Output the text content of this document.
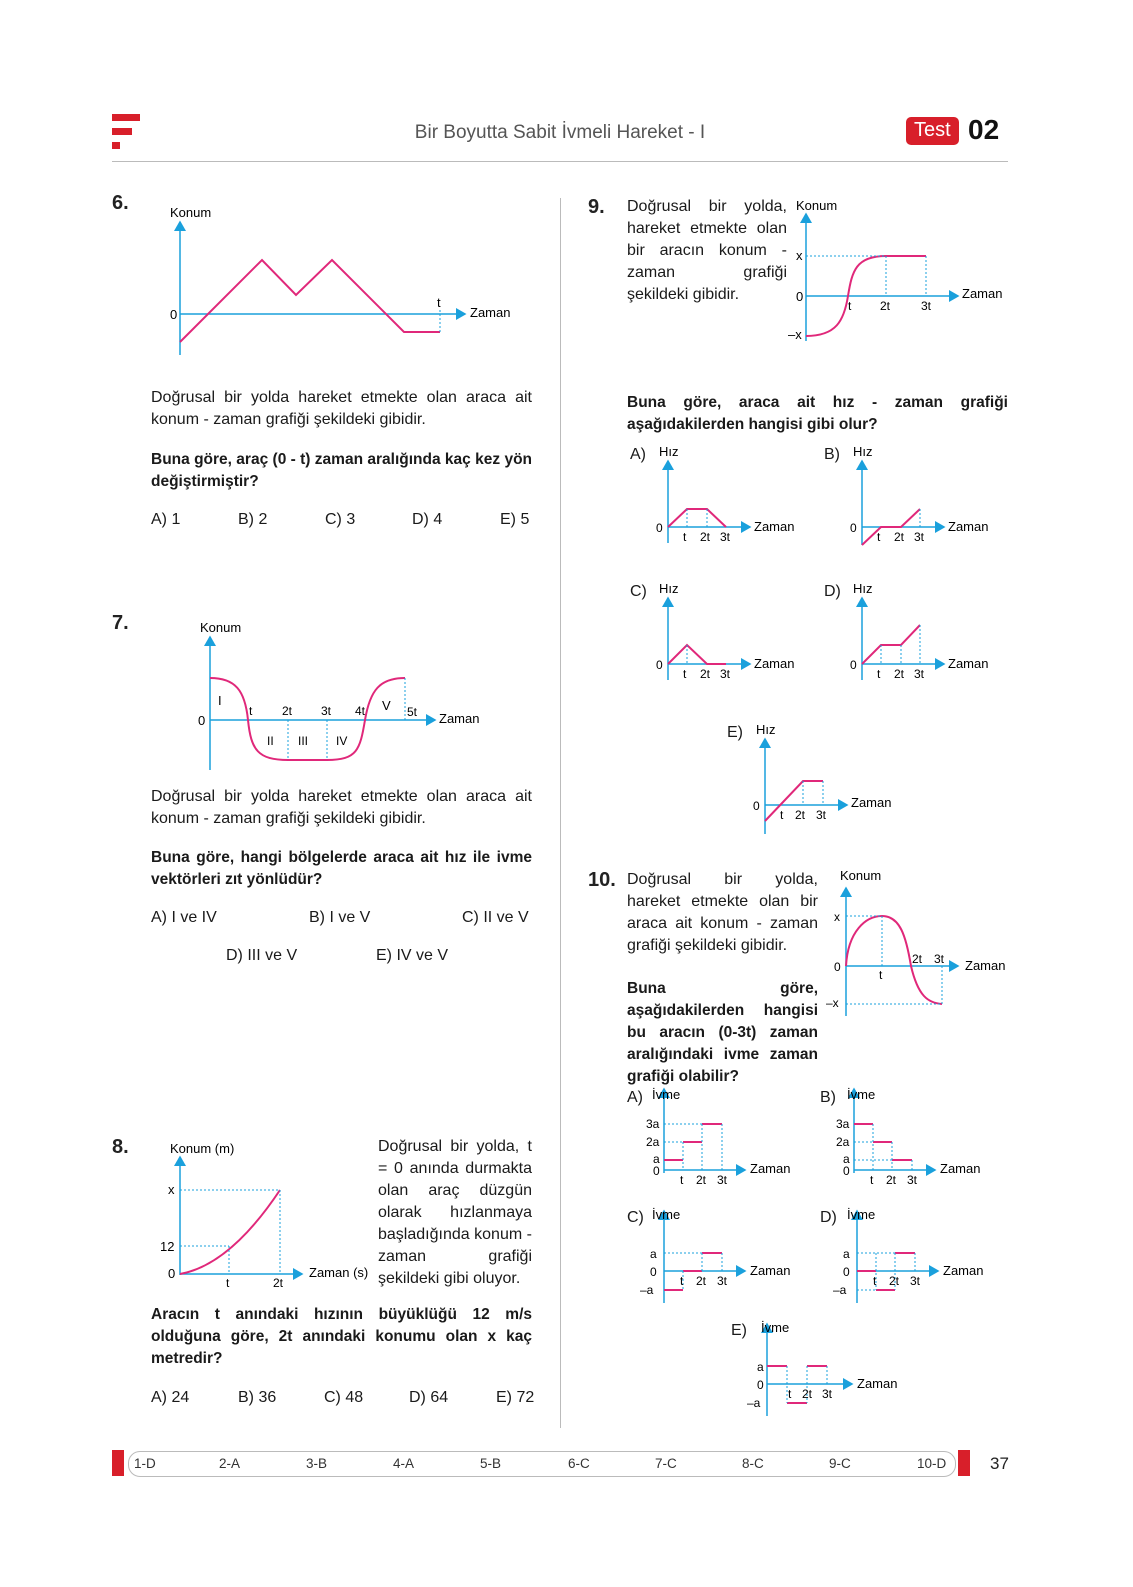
Bir Boyutta Sabit İvmeli Hareket - I	Test 02
6.	Konum
0
t
Zaman
Doğrusal bir yolda hareket etmekte olan araca ait konum - zaman grafiği şekildeki gibidir.
Buna göre, araç (0 - t) zaman aralığında kaç kez yön değiştirmiştir?
A) 1	B) 2	C) 3	D) 4	E) 5
7.	Konum
0
I
t 2t 3t 4t V 5t Zaman
II III IV
Doğrusal bir yolda hareket etmekte olan araca ait konum - zaman grafiği şekildeki gibidir.
Buna göre, hangi bölgelerde araca ait hız ile ivme vektörleri zıt yönlüdür?
A) I ve IV	B) I ve V	C) II ve V
D) III ve V	E) IV ve V
8.	Konum (m)
x
12
0
t	2t
Zaman (s)
Doğrusal bir yolda, t = 0 anında durmakta olan araç düzgün olarak hızlanmaya başladığında konum - zaman grafiği şekildeki gibi oluyor.
Aracın t anındaki hızının büyüklüğü 12 m/s olduğuna göre, 2t anındaki konumu olan x kaç metredir?
A) 24	B) 36	C) 48	D) 64	E) 72
9. Doğrusal bir yolda, hareket etmekte olan bir aracın konum - zaman grafiği şekildeki gibidir.
Konum
x
0
–x
t 2t	3t
Zaman
Buna göre, araca ait hız - zaman grafiği aşağıdakilerden hangisi gibi olur?
A) Hız
0
t 2t 3t
Zaman
B) Hız
0
t 2t 3t
Zaman
C) Hız
0
t 2t 3t
Zaman
D) Hız
0
t 2t 3t
Zaman
E) Hız
0
t 2t 3t
Zaman
10. Doğrusal bir yolda, hareket etmekte olan bir araca ait konum - zaman grafiği şekildeki gibidir.
Konum
x
0
–x
t
2t 3t Zaman
Buna göre, aşağıdakilerden hangisi bu aracın (0-3t) zaman aralığındaki ivme zaman grafiği olabilir?
A) İvme
3a
2a
a
0
t 2t 3t
Zaman
B) İvme
3a
2a
a
0
t 2t 3t
Zaman
C) İvme
a
0
–a
t 2t 3t
Zaman
D) İvme
a
0
–a
t 2t 3t
Zaman
E) İvme
a
0
–a
t 2t 3t
Zaman
1-D	2-A	3-B	4-A	5-B	6-C	7-C	8-C	9-C	10-D	37
